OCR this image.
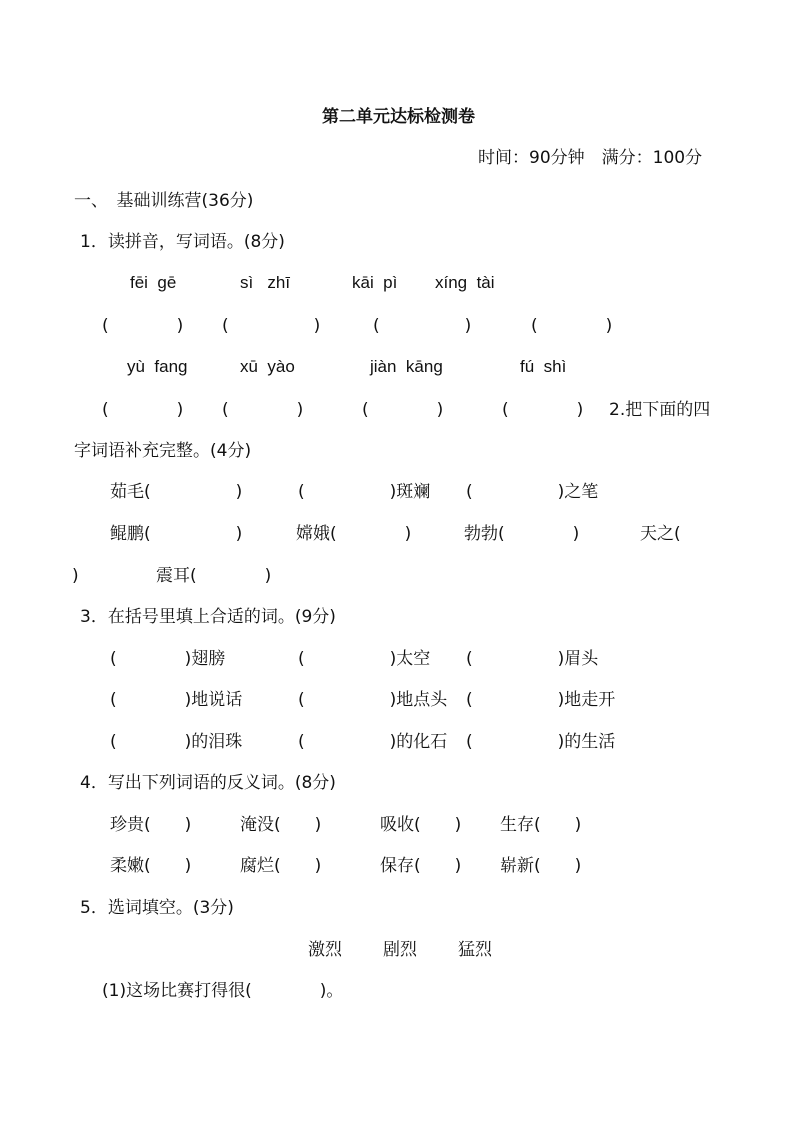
第二单元达标检测卷
时间：90分钟　满分：100分
一、　基础训练营(36分)
1．读拼音，写词语。(8分)
fēi  gē	sì   zhī	kāi  pì xíng  tài
(　　　　) (　　　　　)	(　　　　　)	(　　　　)
yù  fang	xū  yào	jiàn  kāng	fú  shì
(　　　　) (　　　　)	(　　　　)	(　　　　) 2.把下面的四
字词语补充完整。(4分)
茹毛(　　　　　)	(　　　　　)斑斓 (　　　　　)之笔
鲲鹏(　　　　　)	嫦娥(　　　　)	勃勃(　　　　)	天之(
)	震耳(　　　　)
3．在括号里填上合适的词。(9分)
(　　　　)翅膀	(　　　　　)太空 (　　　　　)眉头
(　　　　)地说话	(　　　　　)地点头 (　　　　　)地走开
(　　　　)的泪珠	(　　　　　)的化石 (　　　　　)的生活
4．写出下列词语的反义词。(8分)
珍贵(　　)	淹没(　　)	吸收(　　) 生存(　　)
柔嫩(　　)	腐烂(　　)	保存(　　) 崭新(　　)
5．选词填空。(3分)
激烈 剧烈 猛烈
(1)这场比赛打得很(　　　　)。
